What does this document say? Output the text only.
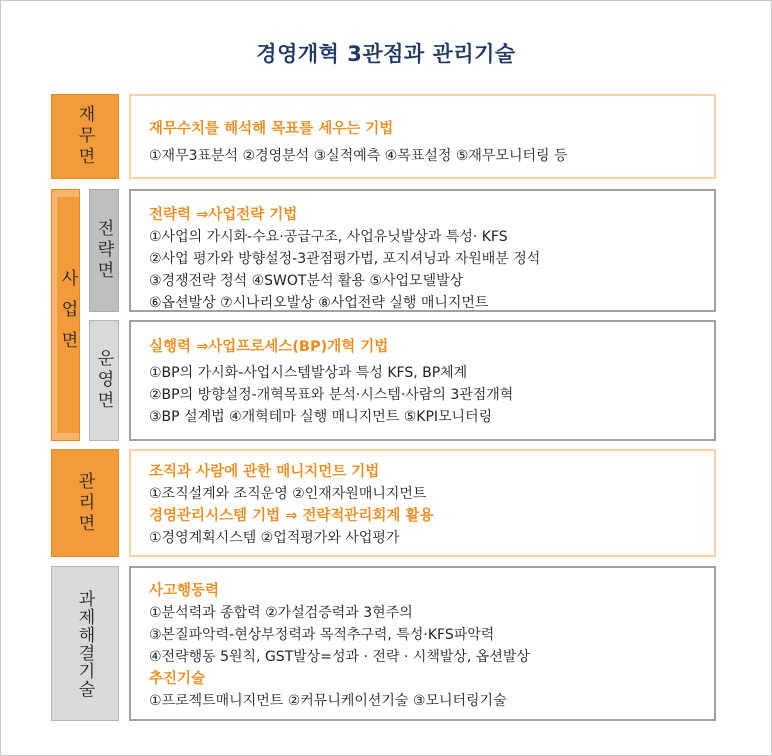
경영개혁 3관점과 관리기술
재무면	재무수치를 해석해 목표를 세우는 기법
①재무3표분석 ②경영분석 ③실적예측 ④목표설정 ⑤재무모니터링 등
사업면
전략면
운영면
전략력 ⇒사업전략 기법
①사업의 가시화-수요·공급구조, 사업유닛발상과 특성· KFS
②사업 평가와 방향설정-3관점평가법, 포지셔닝과 자원배분 정석
③경쟁전략 정석 ④SWOT분석 활용 ⑤사업모델발상
⑥옵션발상 ⑦시나리오발상 ⑧사업전략 실행 매니지먼트
실행력 ⇒사업프로세스(BP)개혁 기법
①BP의 가시화-사업시스템발상과 특성 KFS, BP체계
②BP의 방향설정-개혁목표와 분석·시스템·사람의 3관점개혁
③BP 설계법 ④개혁테마 실행 매니지먼트 ⑤KPI모니터링
관리면	조직과 사람에 관한 매니지먼트 기법
①조직설계와 조직운영 ②인재자원매니지먼트
경영관리시스템 기법 ⇒ 전략적관리회계 활용
①경영계획시스템 ②업적평가와 사업평가
과제해결기술	사고행동력
①분석력과 종합력 ②가설검증력과 3현주의
③본질파악력-현상부정력과 목적추구력, 특성·KFS파악력
④전략행동 5원칙, GST발상=성과 · 전략 · 시책발상, 옵션발상
추진기술
①프로젝트매니지먼트 ②커뮤니케이션기술 ③모니터링기술
